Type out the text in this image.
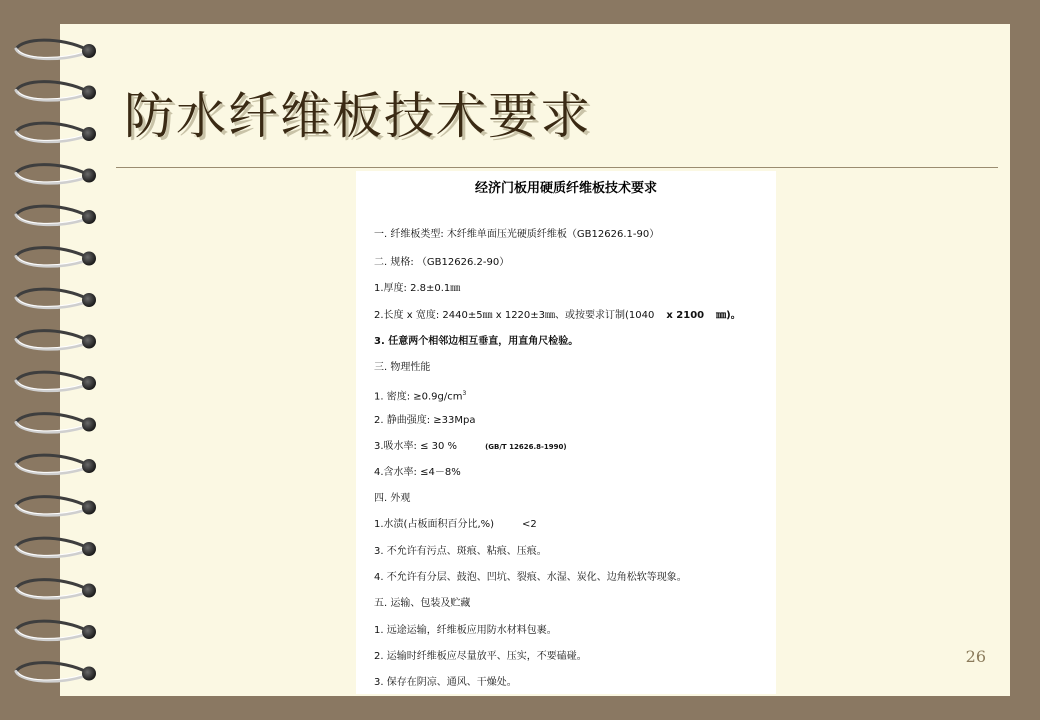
防水纤维板技术要求
经济门板用硬质纤维板技术要求
一. 纤维板类型: 木纤维单面压光硬质纤维板（GB12626.1-90）
二. 规格: （GB12626.2-90）
1.厚度: 2.8±0.1㎜
2.长度 x 宽度: 2440±5㎜ x 1220±3㎜、或按要求订制(1040 x 2100 ㎜)。
3. 任意两个相邻边相互垂直，用直角尺检验。
三. 物理性能
1. 密度: $\ge 0.9g/cm^3$
2. 静曲强度: ≥33Mpa
3.吸水率: ≤ 30 %	(GB/T 12626.8-1990)
4.含水率: ≤4－8%
四. 外观
1.水渍(占板面积百分比,%)	<2
3. 不允许有污点、斑痕、粘痕、压痕。
4. 不允许有分层、鼓泡、凹坑、裂痕、水湿、炭化、边角松软等现象。
五. 运输、包装及贮藏
1. 远途运输，纤维板应用防水材料包裹。
2. 运输时纤维板应尽量放平、压实，不要磕碰。
3. 保存在阴凉、通风、干燥处。
26
